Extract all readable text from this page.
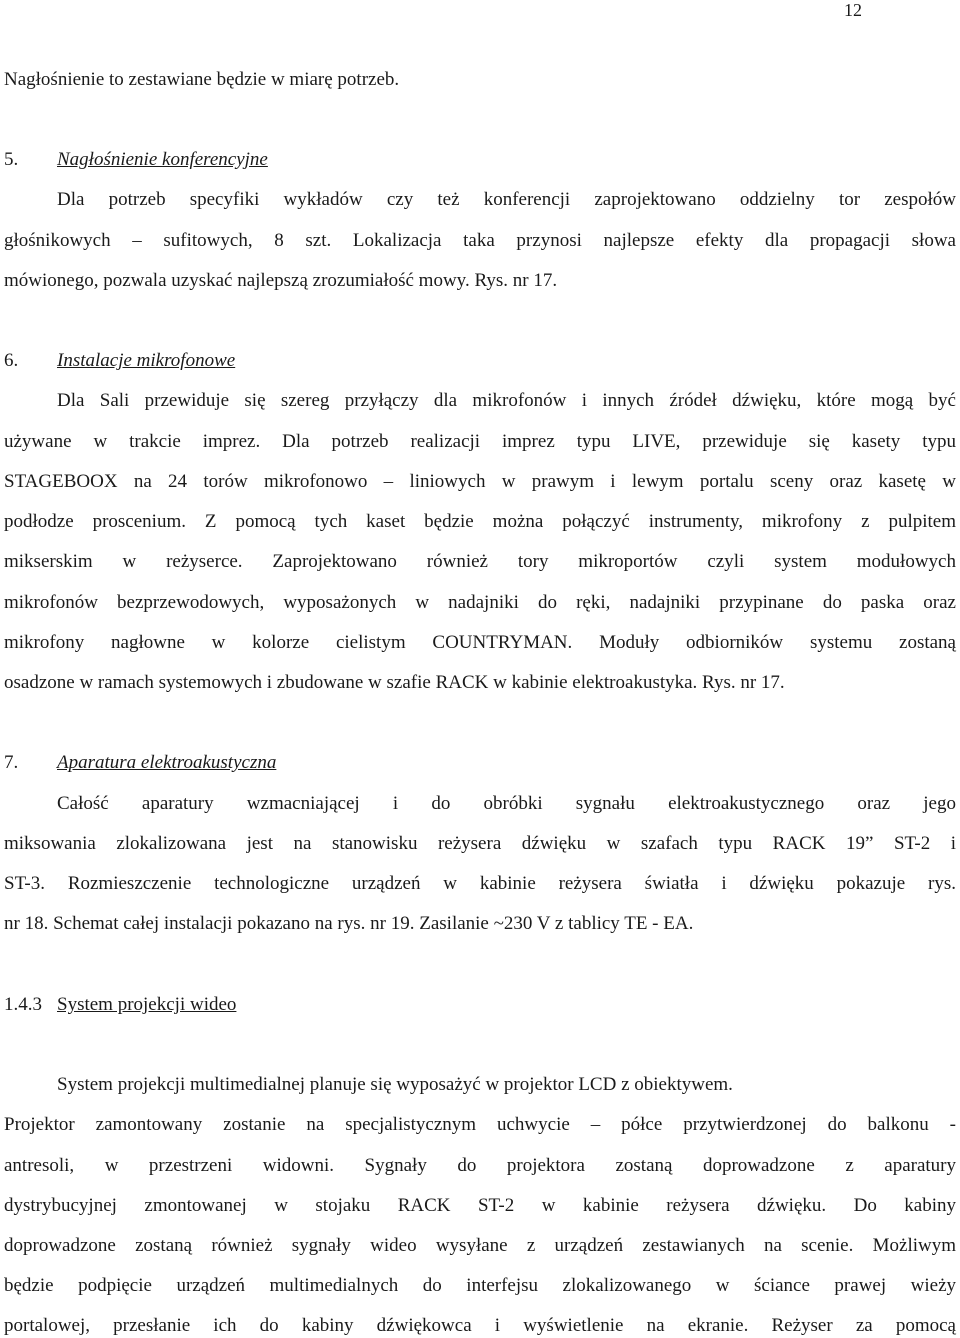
12
Nagłośnienie to zestawiane będzie w miarę potrzeb.
5. Nagłośnienie konferencyjne
Dla potrzeb specyfiki wykładów czy też konferencji zaprojektowano oddzielny tor zespołów
głośnikowych – sufitowych, 8 szt. Lokalizacja taka przynosi najlepsze efekty dla propagacji słowa
mówionego, pozwala uzyskać najlepszą zrozumiałość mowy. Rys. nr 17.
6. Instalacje mikrofonowe
Dla Sali przewiduje się szereg przyłączy dla mikrofonów i innych źródeł dźwięku, które mogą być
używane w trakcie imprez. Dla potrzeb realizacji imprez typu LIVE, przewiduje się kasety typu
STAGEBOOX na 24 torów mikrofonowo – liniowych w prawym i lewym portalu sceny oraz kasetę w
podłodze proscenium. Z pomocą tych kaset będzie można połączyć instrumenty, mikrofony z pulpitem
mikserskim w reżyserce. Zaprojektowano również tory mikroportów czyli system modułowych
mikrofonów bezprzewodowych, wyposażonych w nadajniki do ręki, nadajniki przypinane do paska oraz
mikrofony nagłowne w kolorze cielistym COUNTRYMAN. Moduły odbiorników systemu zostaną
osadzone w ramach systemowych i zbudowane w szafie RACK w kabinie elektroakustyka. Rys. nr 17.
7. Aparatura elektroakustyczna
Całość aparatury wzmacniającej i do obróbki sygnału elektroakustycznego oraz jego
miksowania zlokalizowana jest na stanowisku reżysera dźwięku w szafach typu RACK 19” ST-2 i
ST-3. Rozmieszczenie technologiczne urządzeń w kabinie reżysera światła i dźwięku pokazuje rys.
nr 18. Schemat całej instalacji pokazano na rys. nr 19. Zasilanie ~230 V z tablicy TE - EA.
1.4.3 System projekcji wideo
System projekcji multimedialnej planuje się wyposażyć w projektor LCD z obiektywem.
Projektor zamontowany zostanie na specjalistycznym uchwycie – półce przytwierdzonej do balkonu -
antresoli, w przestrzeni widowni. Sygnały do projektora zostaną doprowadzone z aparatury
dystrybucyjnej zmontowanej w stojaku RACK ST-2 w kabinie reżysera dźwięku. Do kabiny
doprowadzone zostaną również sygnały wideo wysyłane z urządzeń zestawianych na scenie. Możliwym
będzie podpięcie urządzeń multimedialnych do interfejsu zlokalizowanego w ściance prawej wieży
portalowej, przesłanie ich do kabiny dźwiękowca i wyświetlenie na ekranie. Reżyser za pomocą
